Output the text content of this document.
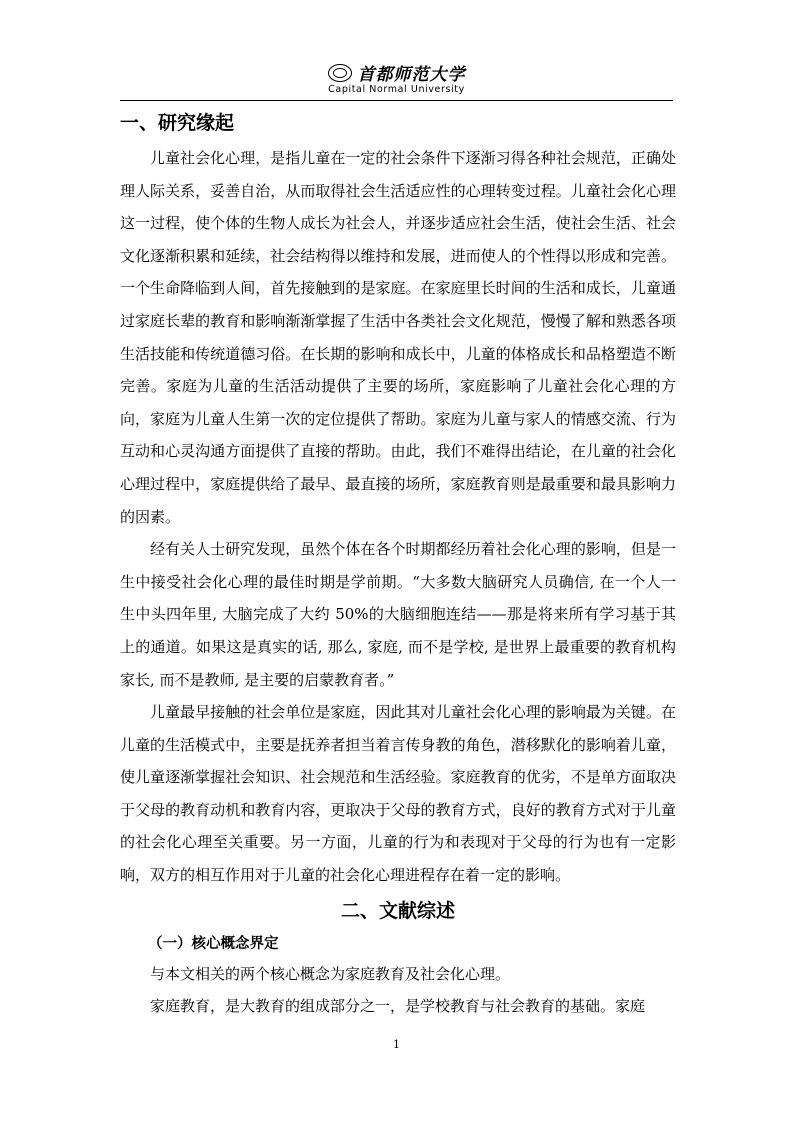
首都师范大学
Capital Normal University
一、研究缘起

儿童社会化心理，是指儿童在一定的社会条件下逐渐习得各种社会规范，正确处理人际关系，妥善自治，从而取得社会生活适应性的心理转变过程。儿童社会化心理这一过程，使个体的生物人成长为社会人，并逐步适应社会生活，使社会生活、社会文化逐渐积累和延续，社会结构得以维持和发展，进而使人的个性得以形成和完善。一个生命降临到人间，首先接触到的是家庭。在家庭里长时间的生活和成长，儿童通过家庭长辈的教育和影响渐渐掌握了生活中各类社会文化规范，慢慢了解和熟悉各项生活技能和传统道德习俗。在长期的影响和成长中，儿童的体格成长和品格塑造不断完善。家庭为儿童的生活活动提供了主要的场所，家庭影响了儿童社会化心理的方向，家庭为儿童人生第一次的定位提供了帮助。家庭为儿童与家人的情感交流、行为互动和心灵沟通方面提供了直接的帮助。由此，我们不难得出结论，在儿童的社会化心理过程中，家庭提供给了最早、最直接的场所，家庭教育则是最重要和最具影响力的因素。

经有关人士研究发现，虽然个体在各个时期都经历着社会化心理的影响，但是一生中接受社会化心理的最佳时期是学前期。“大多数大脑研究人员确信, 在一个人一生中头四年里, 大脑完成了大约 50%的大脑细胞连结——那是将来所有学习基于其上的通道。如果这是真实的话, 那么, 家庭, 而不是学校, 是世界上最重要的教育机构家长, 而不是教师, 是主要的启蒙教育者。”

儿童最早接触的社会单位是家庭，因此其对儿童社会化心理的影响最为关键。在儿童的生活模式中，主要是抚养者担当着言传身教的角色，潜移默化的影响着儿童，使儿童逐渐掌握社会知识、社会规范和生活经验。家庭教育的优劣，不是单方面取决于父母的教育动机和教育内容，更取决于父母的教育方式，良好的教育方式对于儿童的社会化心理至关重要。另一方面，儿童的行为和表现对于父母的行为也有一定影响，双方的相互作用对于儿童的社会化心理进程存在着一定的影响。

二、文献综述
（一）核心概念界定

与本文相关的两个核心概念为家庭教育及社会化心理。

家庭教育，是大教育的组成部分之一，是学校教育与社会教育的基础。家庭

1
